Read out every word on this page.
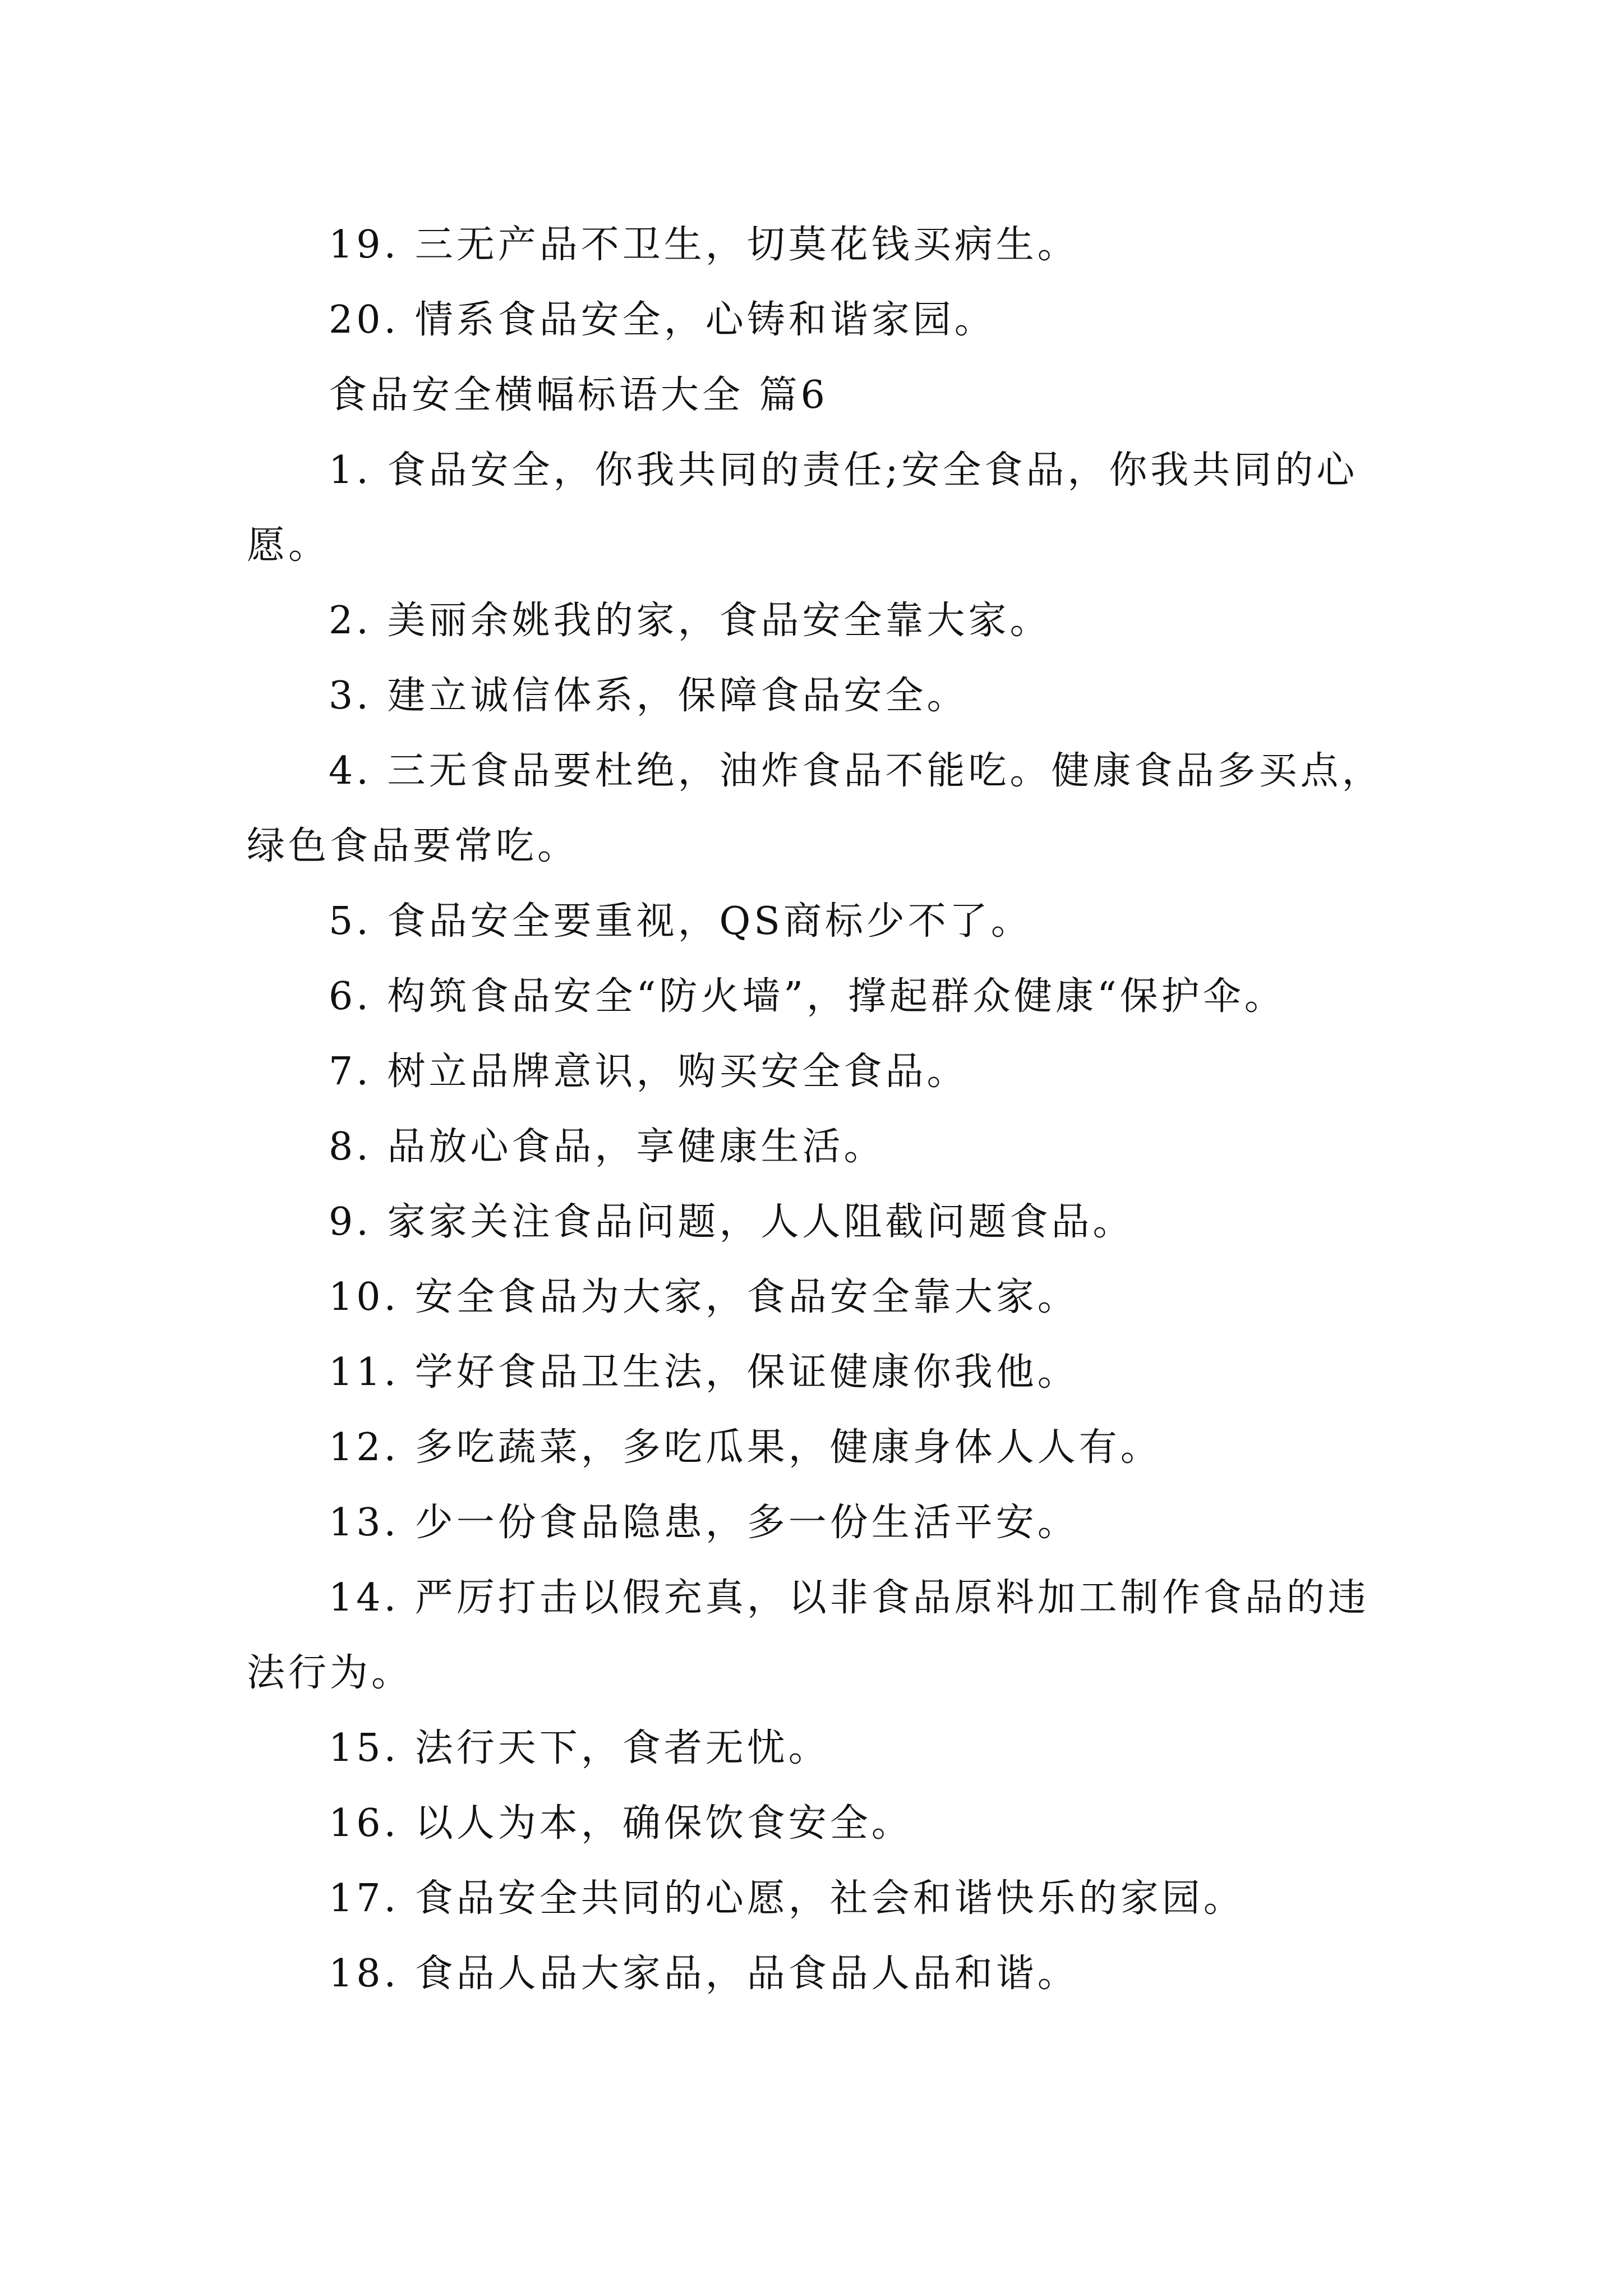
19. 三无产品不卫生，切莫花钱买病生。

20. 情系食品安全，心铸和谐家园。

食品安全横幅标语大全 篇6

1. 食品安全，你我共同的责任;安全食品，你我共同的心愿。

2. 美丽余姚我的家，食品安全靠大家。

3. 建立诚信体系，保障食品安全。

4. 三无食品要杜绝，油炸食品不能吃。健康食品多买点，绿色食品要常吃。

5. 食品安全要重视，QS商标少不了。

6. 构筑食品安全“防火墙”，撑起群众健康“保护伞。

7. 树立品牌意识，购买安全食品。

8. 品放心食品，享健康生活。

9. 家家关注食品问题，人人阻截问题食品。

10. 安全食品为大家，食品安全靠大家。

11. 学好食品卫生法，保证健康你我他。

12. 多吃蔬菜，多吃瓜果，健康身体人人有。

13. 少一份食品隐患，多一份生活平安。

14. 严厉打击以假充真，以非食品原料加工制作食品的违法行为。

15. 法行天下，食者无忧。

16. 以人为本，确保饮食安全。

17. 食品安全共同的心愿，社会和谐快乐的家园。

18. 食品人品大家品，品食品人品和谐。
